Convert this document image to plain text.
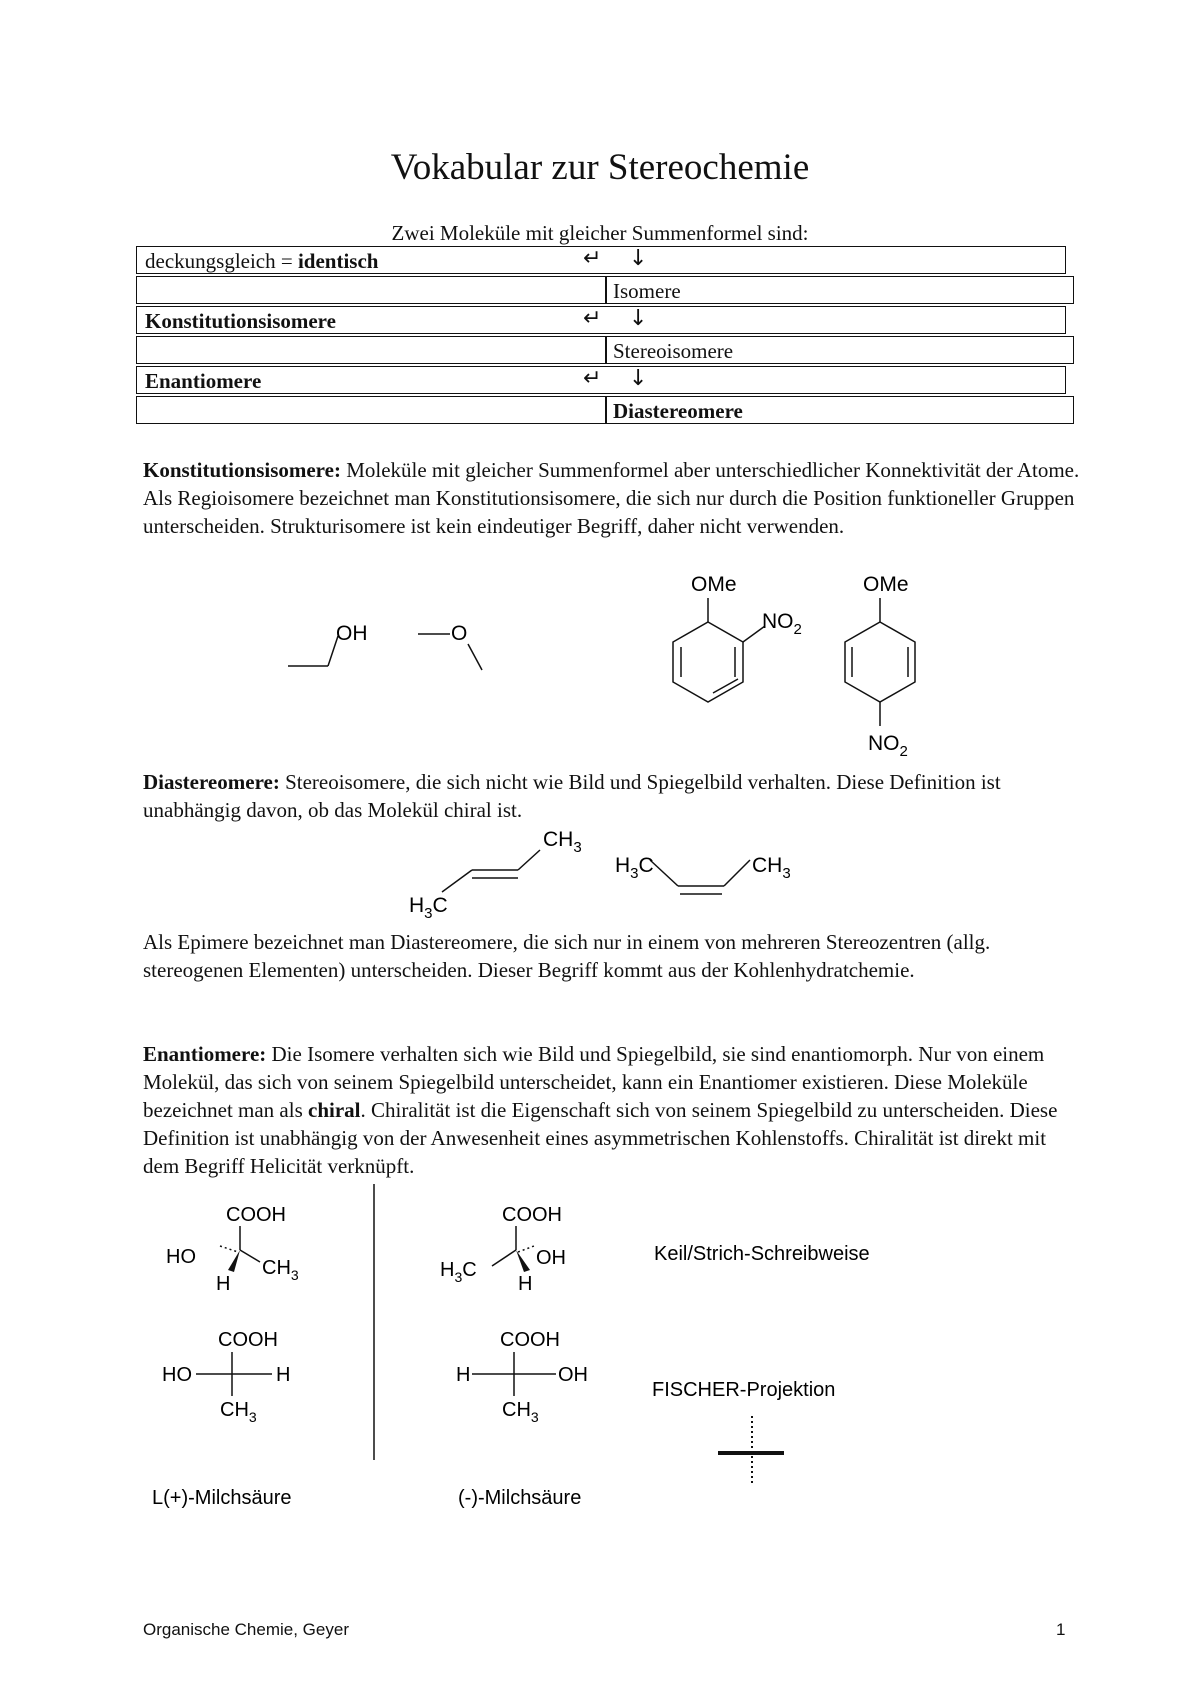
Vokabular zur Stereochemie
Zwei Moleküle mit gleicher Summenformel sind:
deckungsgleich = identisch	↵ ↓
Isomere
Konstitutionsisomere	↵ ↓
Stereoisomere
Enantiomere	↵ ↓
Diastereomere
Konstitutionsisomere: Moleküle mit gleicher Summenformel aber unterschiedlicher Konnektivität der Atome. Als Regioisomere bezeichnet man Konstitutionsisomere, die sich nur durch die Position funktioneller Gruppen unterscheiden. Strukturisomere ist kein eindeutiger Begriff, daher nicht verwenden.
OH	O
OMe
$NO_2$
OMe
$NO_2$
Diastereomere: Stereoisomere, die sich nicht wie Bild und Spiegelbild verhalten. Diese Definition ist unabhängig davon, ob das Molekül chiral ist.
$CH_3$
$H_3C$
$H_3C$	$CH_3$
Als Epimere bezeichnet man Diastereomere, die sich nur in einem von mehreren Stereozentren (allg. stereogenen Elementen) unterscheiden. Dieser Begriff kommt aus der Kohlenhydratchemie.
Enantiomere: Die Isomere verhalten sich wie Bild und Spiegelbild, sie sind enantiomorph. Nur von einem Molekül, das sich von seinem Spiegelbild unterscheidet, kann ein Enantiomer existieren. Diese Moleküle bezeichnet man als chiral. Chiralität ist die Eigenschaft sich von seinem Spiegelbild zu unterscheiden. Diese Definition ist unabhängig von der Anwesenheit eines asymmetrischen Kohlenstoffs. Chiralität ist direkt mit dem Begriff Helicität verknüpft.
COOH
HO	$CH_3$
H
COOH
$H_3C$
OH
H
Keil/Strich-Schreibweise
COOH
HO	H
$CH_3$
COOH
H	OH
$CH_3$
FISCHER-Projektion
L(+)-Milchsäure	(-)-Milchsäure
Organische Chemie, Geyer	1
